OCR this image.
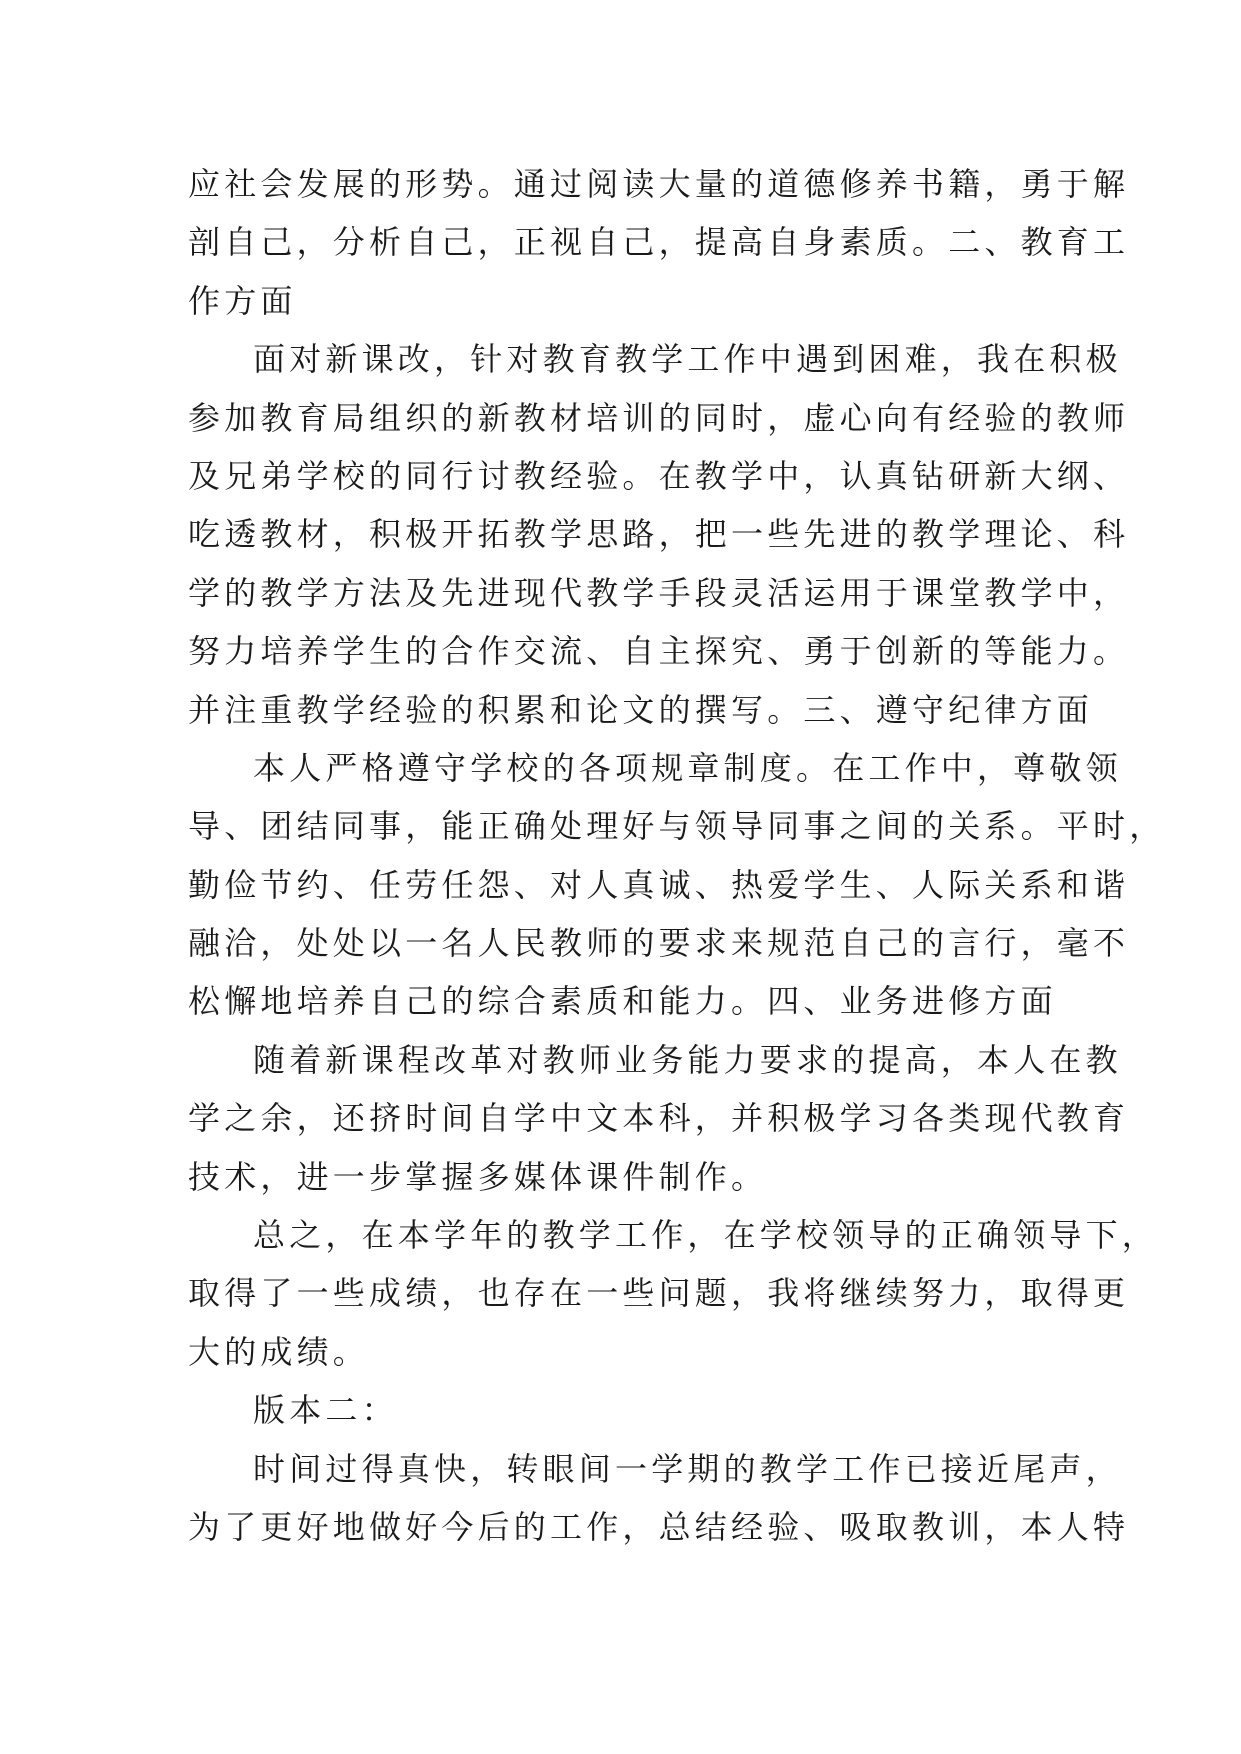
应社会发展的形势。通过阅读大量的道德修养书籍，勇于解
剖自己，分析自己，正视自己，提高自身素质。二、教育工
作方面
面对新课改，针对教育教学工作中遇到困难，我在积极
参加教育局组织的新教材培训的同时，虚心向有经验的教师
及兄弟学校的同行讨教经验。在教学中，认真钻研新大纲、
吃透教材，积极开拓教学思路，把一些先进的教学理论、科
学的教学方法及先进现代教学手段灵活运用于课堂教学中，
努力培养学生的合作交流、自主探究、勇于创新的等能力。
并注重教学经验的积累和论文的撰写。三、遵守纪律方面
本人严格遵守学校的各项规章制度。在工作中，尊敬领
导、团结同事，能正确处理好与领导同事之间的关系。平时，
勤俭节约、任劳任怨、对人真诚、热爱学生、人际关系和谐
融洽，处处以一名人民教师的要求来规范自己的言行，毫不
松懈地培养自己的综合素质和能力。四、业务进修方面
随着新课程改革对教师业务能力要求的提高，本人在教
学之余，还挤时间自学中文本科，并积极学习各类现代教育
技术，进一步掌握多媒体课件制作。
总之，在本学年的教学工作，在学校领导的正确领导下，
取得了一些成绩，也存在一些问题，我将继续努力，取得更
大的成绩。
版本二：
时间过得真快，转眼间一学期的教学工作已接近尾声，
为了更好地做好今后的工作，总结经验、吸取教训，本人特
